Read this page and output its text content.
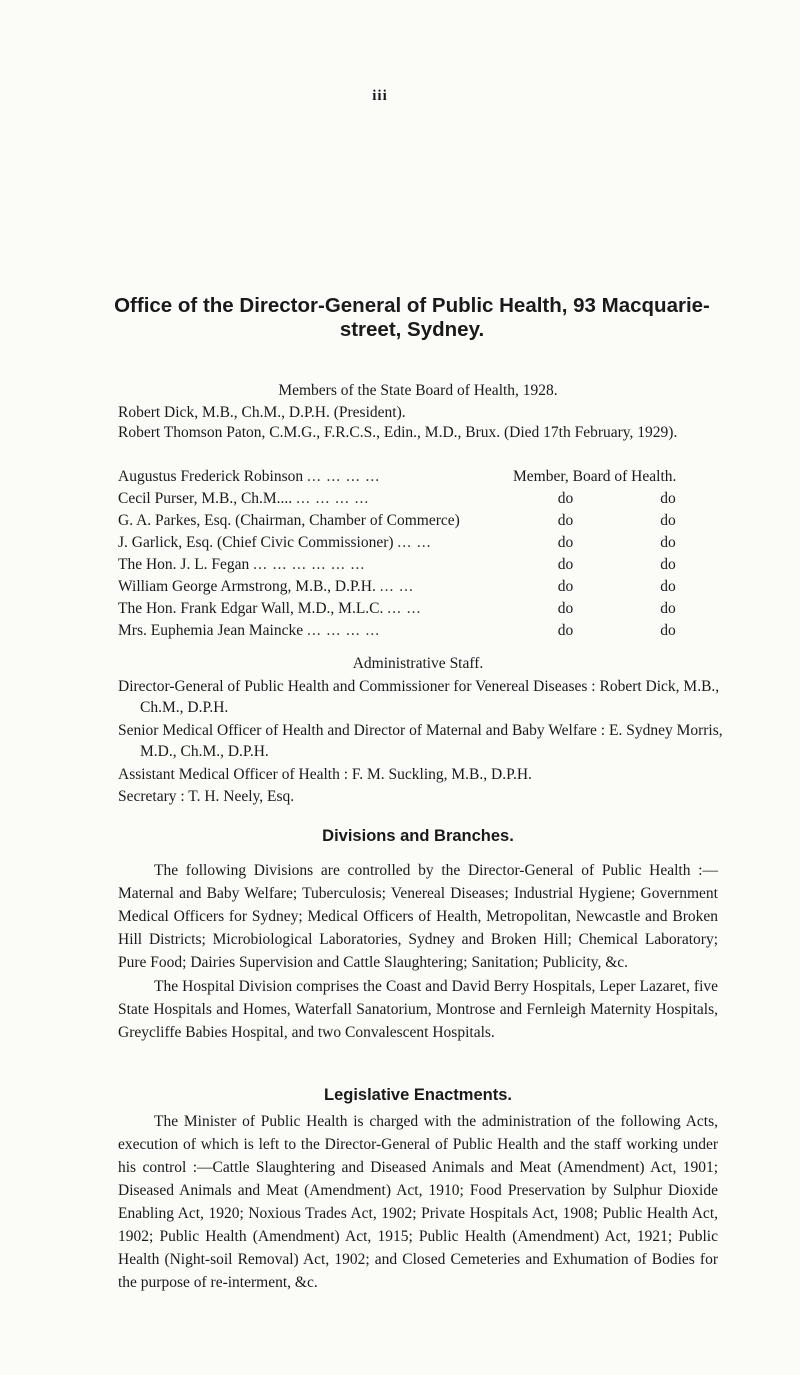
iii
Office of the Director-General of Public Health, 93 Macquarie-street, Sydney.
Members of the State Board of Health, 1928.
Robert Dick, M.B., Ch.M., D.P.H. (President).
Robert Thomson Paton, C.M.G., F.R.C.S., Edin., M.D., Brux. (Died 17th February, 1929).
Augustus Frederick Robinson ... ... ... ...	Member, Board of Health.	
Cecil Purser, M.B., Ch.M.... ... ... ... ...	do	do
G. A. Parkes, Esq. (Chairman, Chamber of Commerce)	do	do
J. Garlick, Esq. (Chief Civic Commissioner) ... ...	do	do
The Hon. J. L. Fegan ... ... ... ... ... ...	do	do
William George Armstrong, M.B., D.P.H. ... ...	do	do
The Hon. Frank Edgar Wall, M.D., M.L.C. ... ...	do	do
Mrs. Euphemia Jean Maincke ... ... ... ...	do	do
Administrative Staff.
Director-General of Public Health and Commissioner for Venereal Diseases : Robert Dick, M.B., Ch.M., D.P.H.
Senior Medical Officer of Health and Director of Maternal and Baby Welfare : E. Sydney Morris, M.D., Ch.M., D.P.H.
Assistant Medical Officer of Health : F. M. Suckling, M.B., D.P.H.
Secretary : T. H. Neely, Esq.
Divisions and Branches.
The following Divisions are controlled by the Director-General of Public Health :—Maternal and Baby Welfare; Tuberculosis; Venereal Diseases; Industrial Hygiene; Government Medical Officers for Sydney; Medical Officers of Health, Metropolitan, Newcastle and Broken Hill Districts; Microbiological Laboratories, Sydney and Broken Hill; Chemical Laboratory; Pure Food; Dairies Supervision and Cattle Slaughtering; Sanitation; Publicity, &c.
The Hospital Division comprises the Coast and David Berry Hospitals, Leper Lazaret, five State Hospitals and Homes, Waterfall Sanatorium, Montrose and Fernleigh Maternity Hospitals, Greycliffe Babies Hospital, and two Convalescent Hospitals.
Legislative Enactments.
The Minister of Public Health is charged with the administration of the following Acts, execution of which is left to the Director-General of Public Health and the staff working under his control :—Cattle Slaughtering and Diseased Animals and Meat (Amendment) Act, 1901; Diseased Animals and Meat (Amendment) Act, 1910; Food Preservation by Sulphur Dioxide Enabling Act, 1920; Noxious Trades Act, 1902; Private Hospitals Act, 1908; Public Health Act, 1902; Public Health (Amendment) Act, 1915; Public Health (Amendment) Act, 1921; Public Health (Night-soil Removal) Act, 1902; and Closed Cemeteries and Exhumation of Bodies for the purpose of re-interment, &c.
